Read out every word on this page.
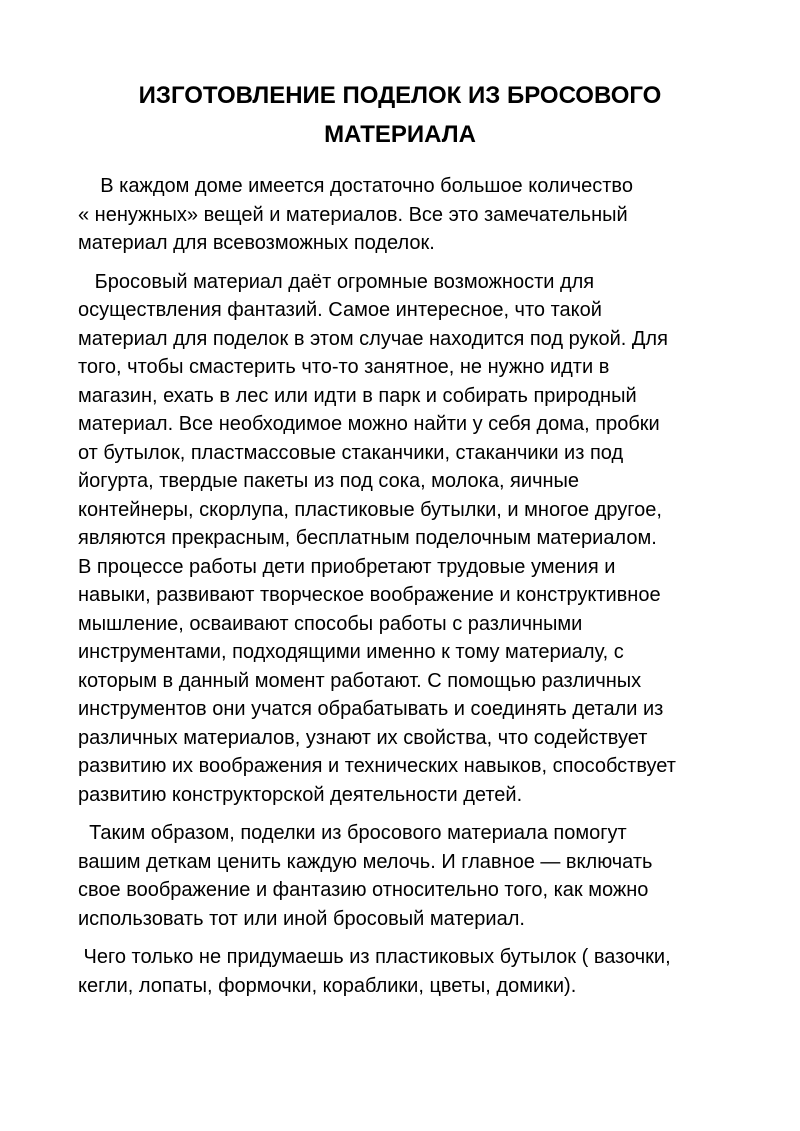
ИЗГОТОВЛЕНИЕ ПОДЕЛОК ИЗ БРОСОВОГО
МАТЕРИАЛА

В каждом доме имеется достаточно большое количество
« ненужных» вещей и материалов. Все это замечательный
материал для всевозможных поделок.

Бросовый материал даёт огромные возможности для
осуществления фантазий. Самое интересное, что такой
материал для поделок в этом случае находится под рукой. Для
того, чтобы смастерить что-то занятное, не нужно идти в
магазин, ехать в лес или идти в парк и собирать природный
материал. Все необходимое можно найти у себя дома, пробки
от бутылок, пластмассовые стаканчики, стаканчики из под
йогурта, твердые пакеты из под сока, молока, яичные
контейнеры, скорлупа, пластиковые бутылки, и многое другое,
являются прекрасным, бесплатным поделочным материалом.
В процессе работы дети приобретают трудовые умения и
навыки, развивают творческое воображение и конструктивное
мышление, осваивают способы работы с различными
инструментами, подходящими именно к тому материалу, с
которым в данный момент работают. С помощью различных
инструментов они учатся обрабатывать и соединять детали из
различных материалов, узнают их свойства, что содействует
развитию их воображения и технических навыков, способствует
развитию конструкторской деятельности детей.

Таким образом, поделки из бросового материала помогут
вашим деткам ценить каждую мелочь. И главное — включать
свое воображение и фантазию относительно того, как можно
использовать тот или иной бросовый материал.

Чего только не придумаешь из пластиковых бутылок ( вазочки,
кегли, лопаты, формочки, кораблики, цветы, домики).
